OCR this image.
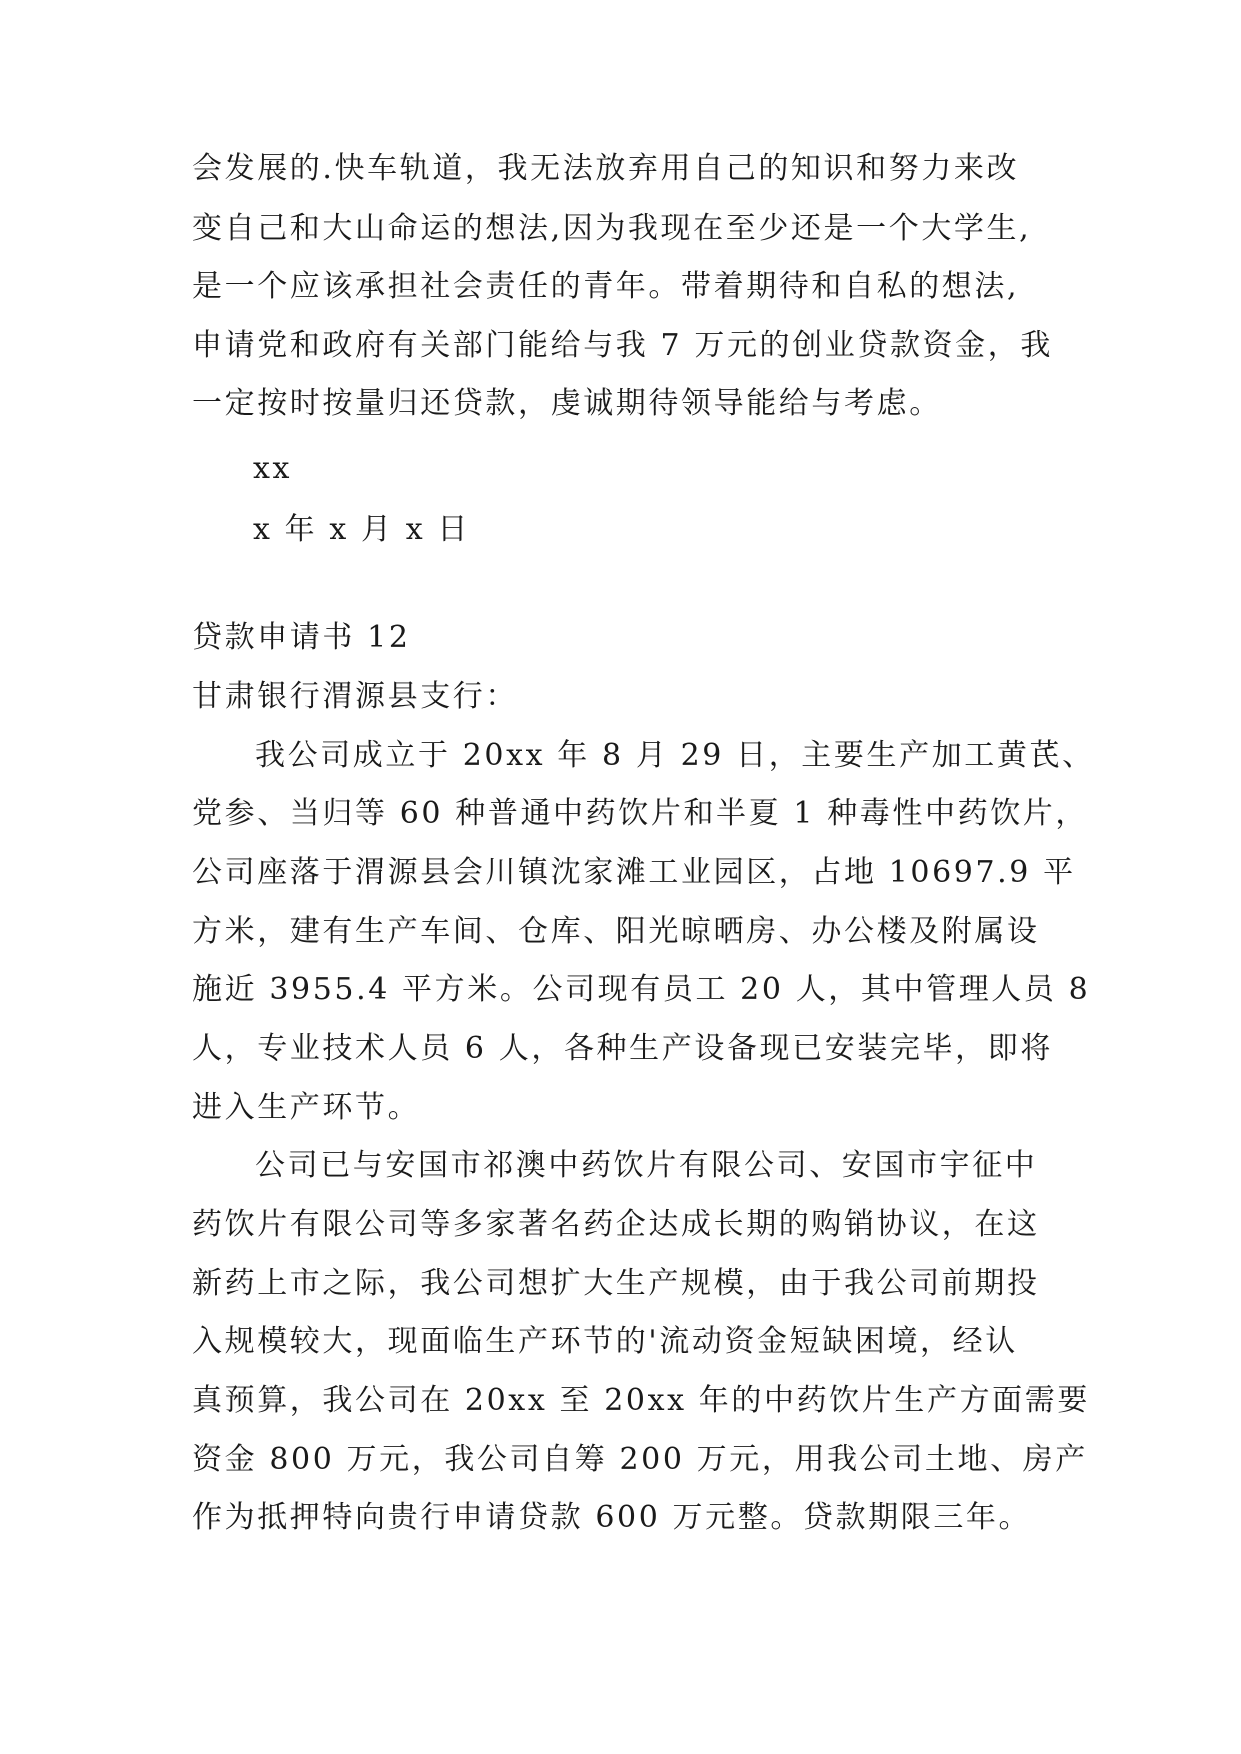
会发展的.快车轨道，我无法放弃用自己的知识和努力来改
变自己和大山命运的想法,因为我现在至少还是一个大学生,
是一个应该承担社会责任的青年。带着期待和自私的想法,
申请党和政府有关部门能给与我 7 万元的创业贷款资金，我
一定按时按量归还贷款，虔诚期待领导能给与考虑。
xx
x 年 x 月 x 日
贷款申请书 12
甘肃银行渭源县支行：
我公司成立于 20xx 年 8 月 29 日，主要生产加工黄芪、
党参、当归等 60 种普通中药饮片和半夏 1 种毒性中药饮片，
公司座落于渭源县会川镇沈家滩工业园区，占地 10697.9 平
方米，建有生产车间、仓库、阳光晾晒房、办公楼及附属设
施近 3955.4 平方米。公司现有员工 20 人，其中管理人员 8
人，专业技术人员 6 人，各种生产设备现已安装完毕，即将
进入生产环节。
公司已与安国市祁澳中药饮片有限公司、安国市宇征中
药饮片有限公司等多家著名药企达成长期的购销协议，在这
新药上市之际，我公司想扩大生产规模，由于我公司前期投
入规模较大，现面临生产环节的'流动资金短缺困境，经认
真预算，我公司在 20xx 至 20xx 年的中药饮片生产方面需要
资金 800 万元，我公司自筹 200 万元，用我公司土地、房产
作为抵押特向贵行申请贷款 600 万元整。贷款期限三年。
